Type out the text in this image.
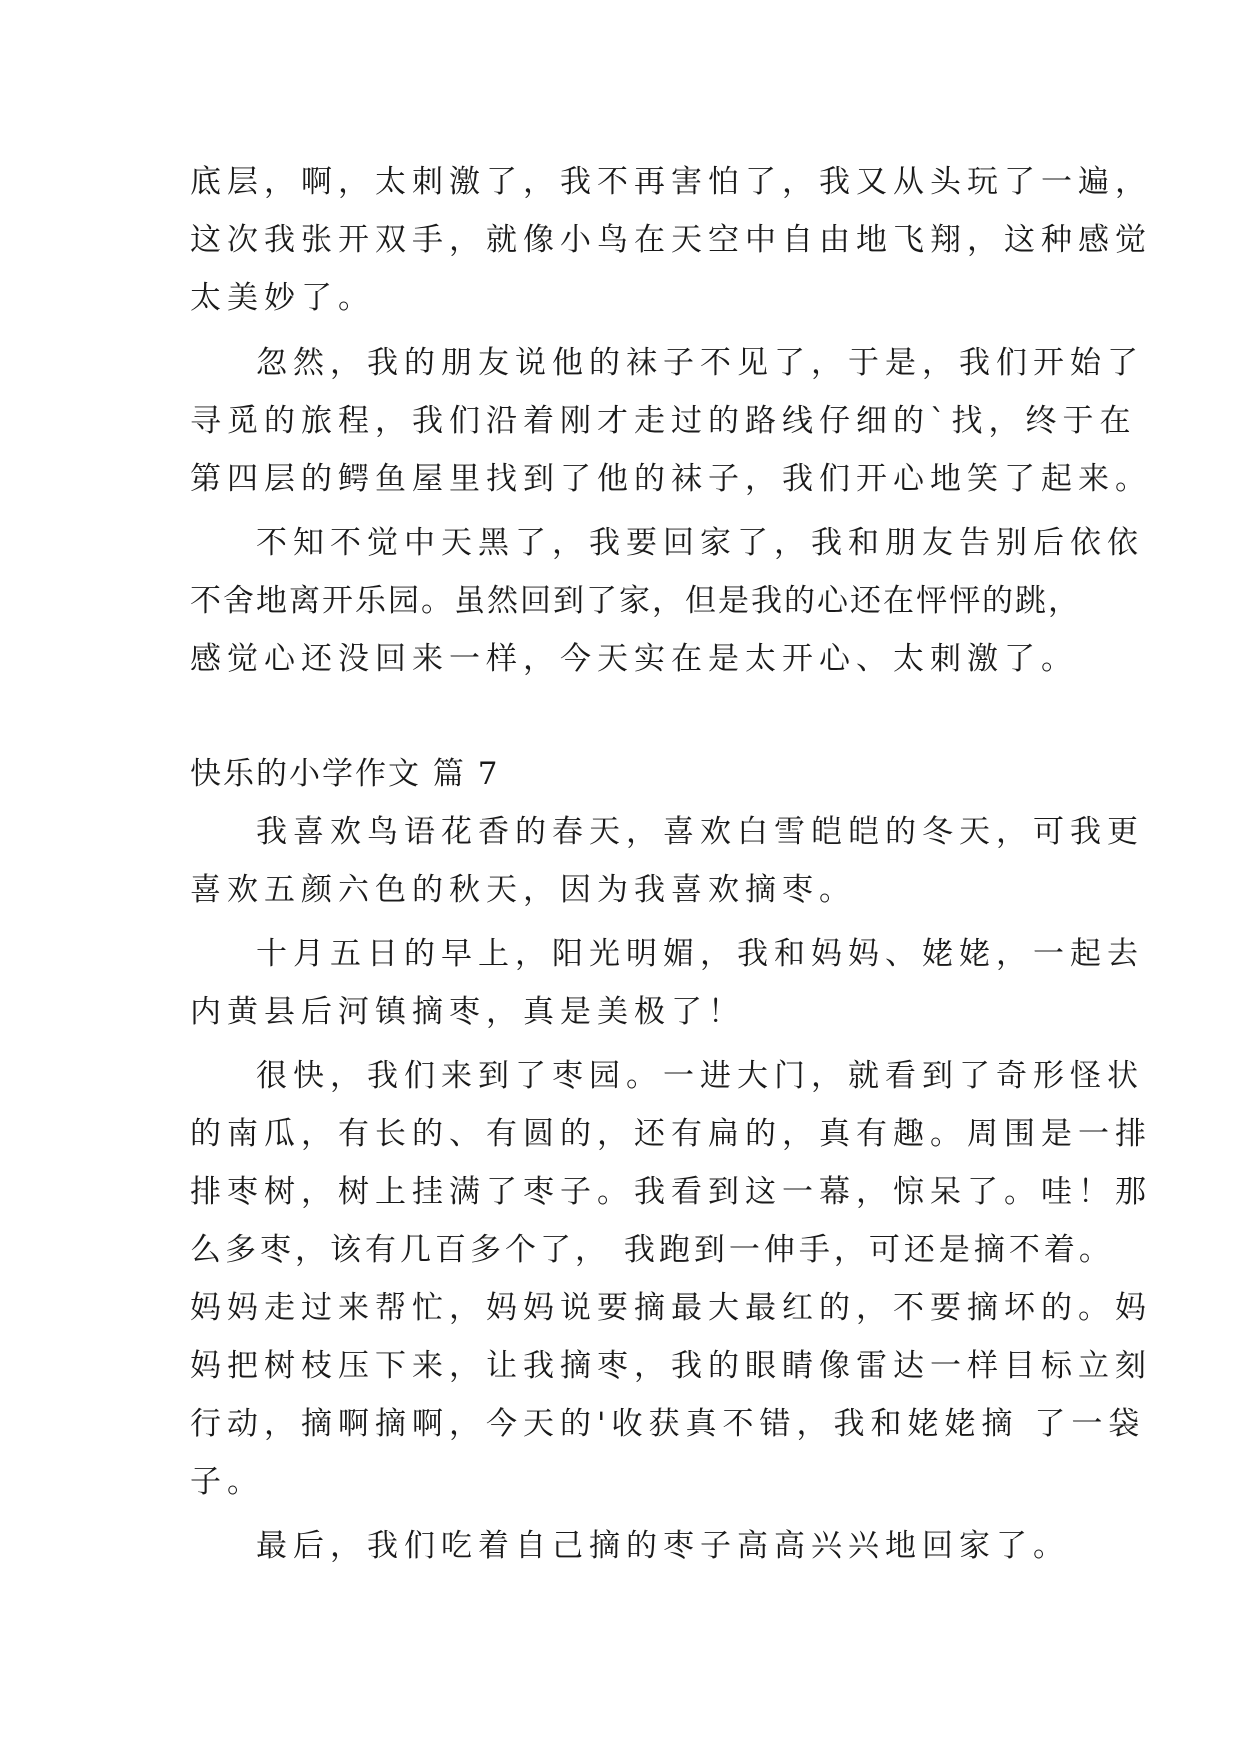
底层，啊，太刺激了，我不再害怕了，我又从头玩了一遍，
这次我张开双手，就像小鸟在天空中自由地飞翔，这种感觉
太美妙了。
忽然，我的朋友说他的袜子不见了，于是，我们开始了
寻觅的旅程，我们沿着刚才走过的路线仔细的`找，终于在
第四层的鳄鱼屋里找到了他的袜子，我们开心地笑了起来。
不知不觉中天黑了，我要回家了，我和朋友告别后依依
不舍地离开乐园。虽然回到了家，但是我的心还在怦怦的跳，
感觉心还没回来一样，今天实在是太开心、太刺激了。
快乐的小学作文 篇 7
我喜欢鸟语花香的春天，喜欢白雪皑皑的冬天，可我更
喜欢五颜六色的秋天，因为我喜欢摘枣。
十月五日的早上，阳光明媚，我和妈妈、姥姥，一起去
内黄县后河镇摘枣，真是美极了！
很快，我们来到了枣园。一进大门，就看到了奇形怪状
的南瓜，有长的、有圆的，还有扁的，真有趣。周围是一排
排枣树，树上挂满了枣子。我看到这一幕，惊呆了。哇！那
么多枣，该有几百多个了， 我跑到一伸手，可还是摘不着。
妈妈走过来帮忙，妈妈说要摘最大最红的，不要摘坏的。妈
妈把树枝压下来，让我摘枣，我的眼睛像雷达一样目标立刻
行动，摘啊摘啊，今天的'收获真不错，我和姥姥摘 了一袋
子。
最后，我们吃着自己摘的枣子高高兴兴地回家了。
